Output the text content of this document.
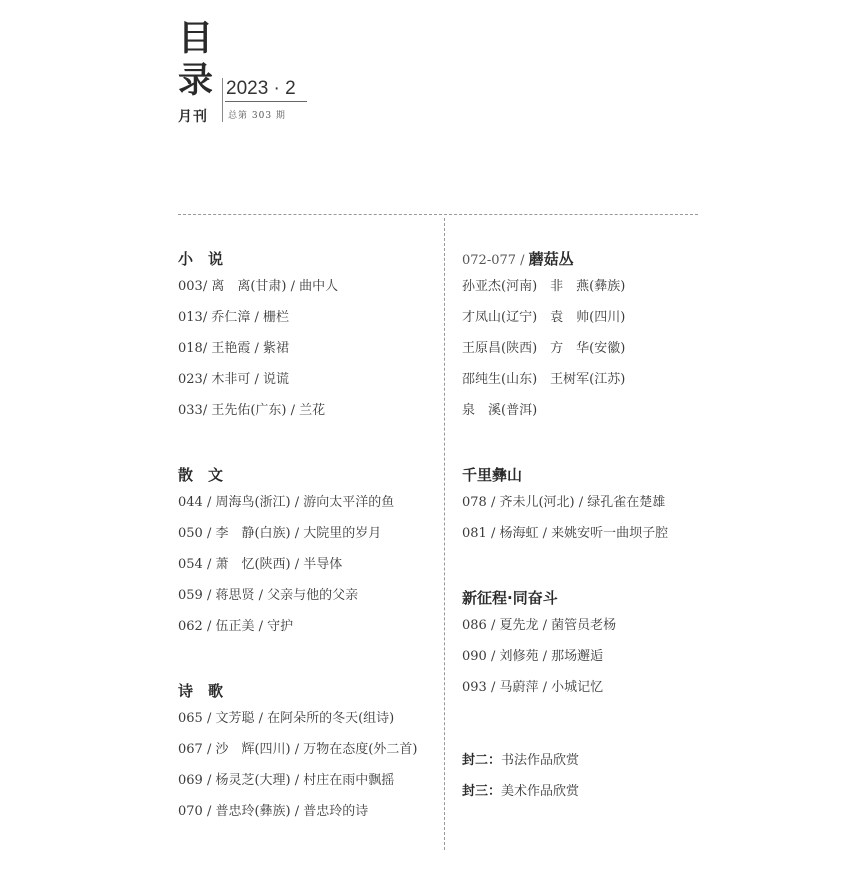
目
录 2023 · 2
月刊 总第 303 期
小　说
003/ 离　离(甘肃) / 曲中人
013/ 乔仁漳 / 栅栏
018/ 王艳霞 / 紫裙
023/ 木非可 / 说谎
033/ 王先佑(广东) / 兰花
散　文
044 / 周海鸟(浙江) / 游向太平洋的鱼
050 / 李　静(白族) / 大院里的岁月
054 / 萧　忆(陕西) / 半导体
059 / 蒋思贤 / 父亲与他的父亲
062 / 伍正美 / 守护
诗　歌
065 / 文芳聪 / 在阿朵所的冬天(组诗)
067 / 沙　辉(四川) / 万物在态度(外二首)
069 / 杨灵芝(大理) / 村庄在雨中飘摇
070 / 普忠玲(彝族) / 普忠玲的诗
072-077 / 蘑菇丛
孙亚杰(河南)　非　燕(彝族)
才凤山(辽宁)　袁　帅(四川)
王原昌(陕西)　方　华(安徽)
邵纯生(山东)　王树军(江苏)
泉　溪(普洱)
千里彝山
078 / 齐未儿(河北) / 绿孔雀在楚雄
081 / 杨海虹 / 来姚安听一曲坝子腔
新征程·同奋斗
086 / 夏先龙 / 菌管员老杨
090 / 刘修苑 / 那场邂逅
093 / 马蔚萍 / 小城记忆
封二：书法作品欣赏
封三：美术作品欣赏
